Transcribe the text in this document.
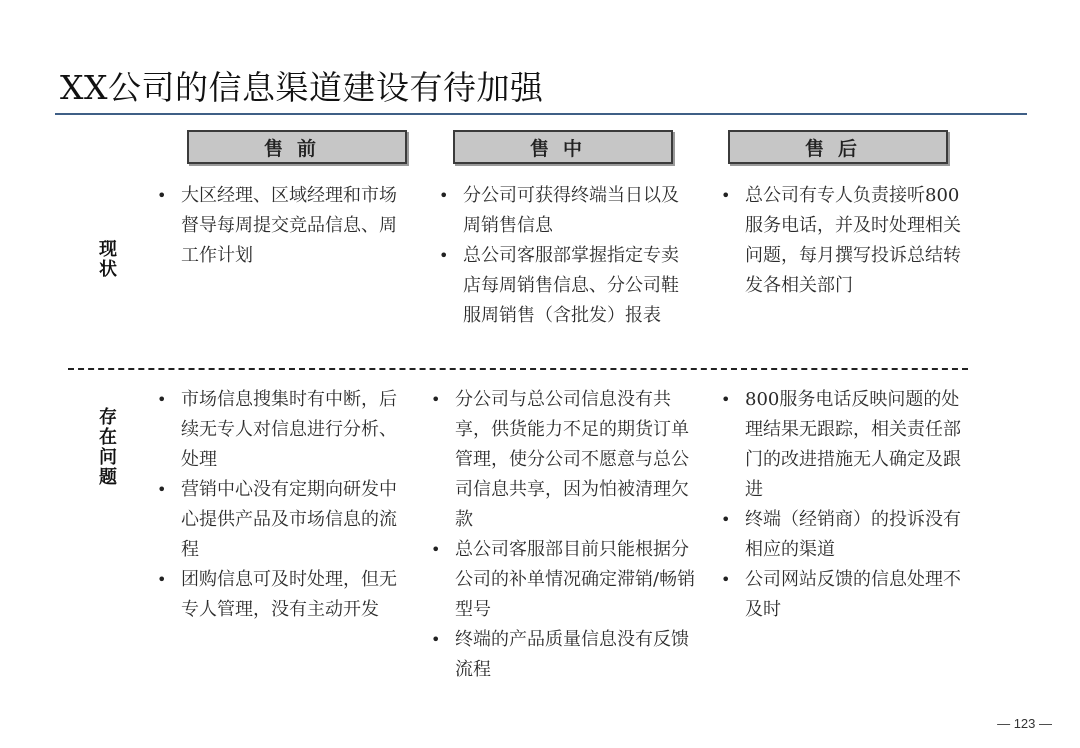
XX公司的信息渠道建设有待加强
售前	售中	售后
现状
存在问题
• 大区经理、区域经理和市场督导每周提交竞品信息、周工作计划
• 分公司可获得终端当日以及周销售信息
• 总公司客服部掌握指定专卖店每周销售信息、分公司鞋服周销售（含批发）报表
• 总公司有专人负责接听800服务电话，并及时处理相关问题，每月撰写投诉总结转发各相关部门
• 市场信息搜集时有中断，后续无专人对信息进行分析、处理
• 营销中心没有定期向研发中心提供产品及市场信息的流程
• 团购信息可及时处理，但无专人管理，没有主动开发
• 分公司与总公司信息没有共享，供货能力不足的期货订单管理，使分公司不愿意与总公司信息共享，因为怕被清理欠款
• 总公司客服部目前只能根据分公司的补单情况确定滞销/畅销型号
• 终端的产品质量信息没有反馈流程
• 800服务电话反映问题的处理结果无跟踪，相关责任部门的改进措施无人确定及跟进
• 终端（经销商）的投诉没有相应的渠道
• 公司网站反馈的信息处理不及时
— 123 —
